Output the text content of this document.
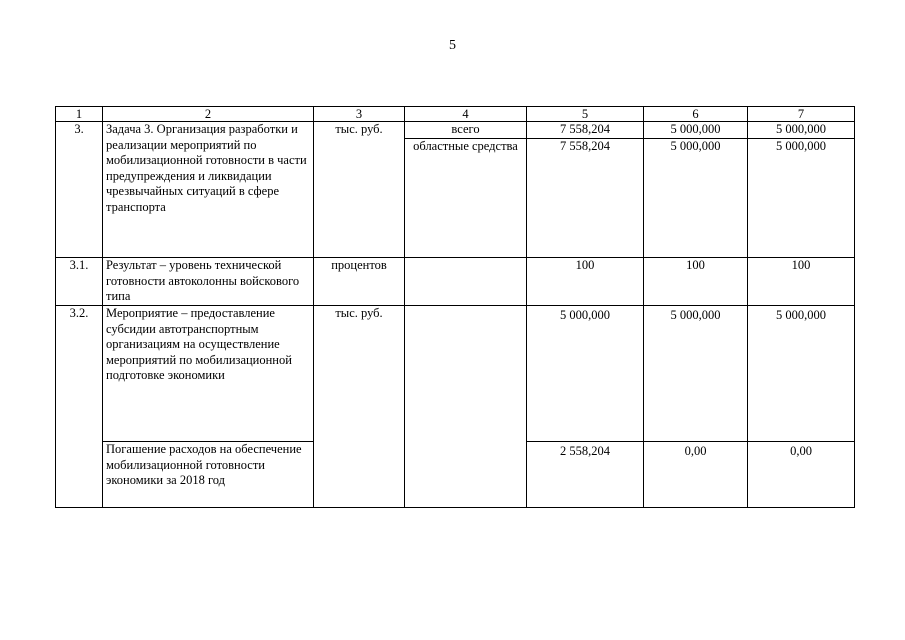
5
1	2	3	4	5	6	7
3.	Задача 3. Организация разработки и реализации мероприятий по мобилизационной готовности в части предупреждения и ликвидации чрезвычайных ситуаций в сфере транспорта	тыс. руб.	всего	7 558,204	5 000,000	5 000,000
			областные средства	7 558,204	5 000,000	5 000,000
3.1.	Результат – уровень технической готовности автоколонны войскового типа	процентов		100	100	100
3.2.	Мероприятие – предоставление субсидии автотранспортным организациям на осуществление мероприятий по мобилизационной подготовке экономики	тыс. руб.		5 000,000	5 000,000	5 000,000
	Погашение расходов на обеспечение мобилизационной готовности экономики за 2018 год			2 558,204	0,00	0,00
